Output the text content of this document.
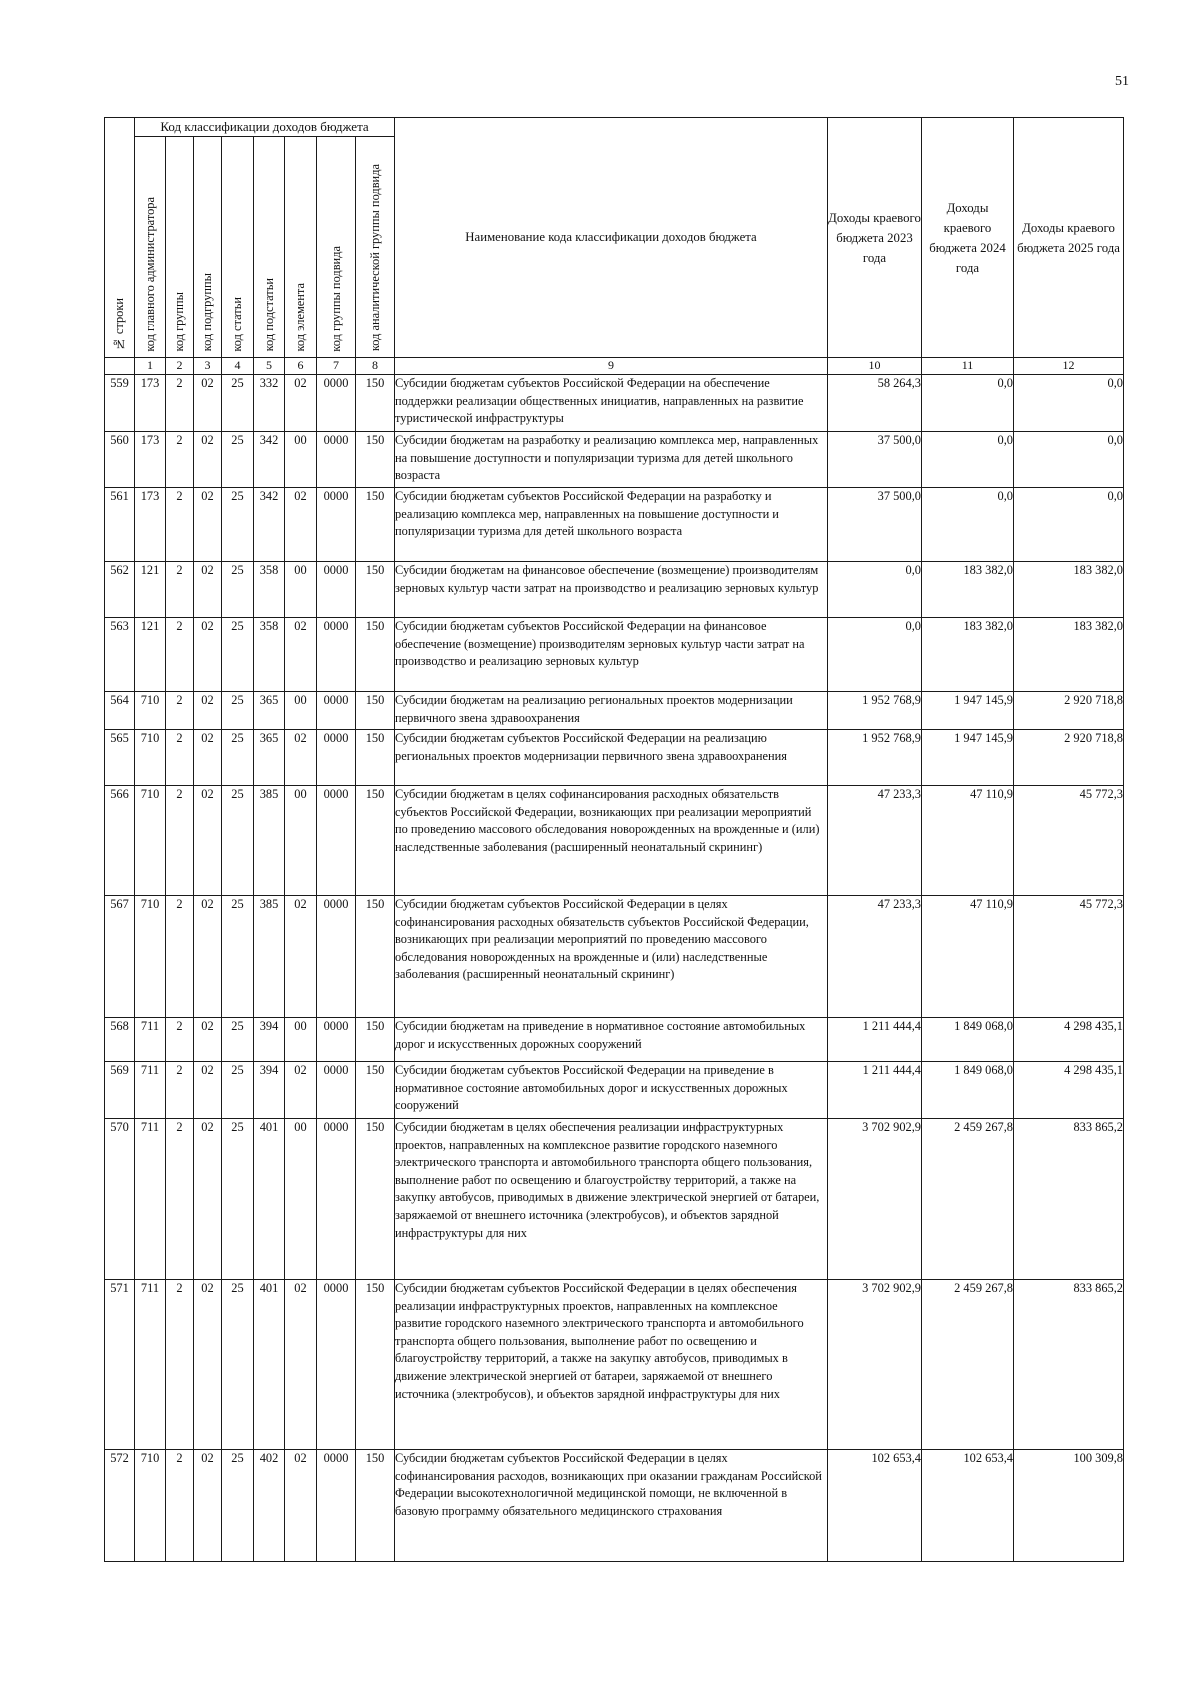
51
№ строки	Код классификации доходов бюджета								Наименование кода классификации доходов бюджета	Доходы краевого бюджета 2023 года	Доходы краевого бюджета 2024 года	Доходы краевого бюджета 2025 года
	код главного администратора	код группы	код подгруппы	код статьи	код подстатьи	код элемента	код группы подвида	код аналитической группы подвида				
	1	2	3	4	5	6	7	8	9	10	11	12
559	173	2	02	25	332	02	0000	150	Субсидии бюджетам субъектов Российской Федерации на обеспечение поддержки реализации общественных инициатив, направленных на развитие туристической инфраструктуры	58 264,3	0,0	0,0
560	173	2	02	25	342	00	0000	150	Субсидии бюджетам на разработку и реализацию комплекса мер, направленных на повышение доступности и популяризации туризма для детей школьного возраста	37 500,0	0,0	0,0
561	173	2	02	25	342	02	0000	150	Субсидии бюджетам субъектов Российской Федерации на разработку и реализацию комплекса мер, направленных на повышение доступности и популяризации туризма для детей школьного возраста	37 500,0	0,0	0,0
562	121	2	02	25	358	00	0000	150	Субсидии бюджетам на финансовое обеспечение (возмещение) производителям зерновых культур части затрат на производство и реализацию зерновых культур	0,0	183 382,0	183 382,0
563	121	2	02	25	358	02	0000	150	Субсидии бюджетам субъектов Российской Федерации на финансовое обеспечение (возмещение) производителям зерновых культур части затрат на производство и реализацию зерновых культур	0,0	183 382,0	183 382,0
564	710	2	02	25	365	00	0000	150	Субсидии бюджетам на реализацию региональных проектов модернизации первичного звена здравоохранения	1 952 768,9	1 947 145,9	2 920 718,8
565	710	2	02	25	365	02	0000	150	Субсидии бюджетам субъектов Российской Федерации на реализацию региональных проектов модернизации первичного звена здравоохранения	1 952 768,9	1 947 145,9	2 920 718,8
566	710	2	02	25	385	00	0000	150	Субсидии бюджетам в целях софинансирования расходных обязательств субъектов Российской Федерации, возникающих при реализации мероприятий по проведению массового обследования новорожденных на врожденные и (или) наследственные заболевания (расширенный неонатальный скрининг)	47 233,3	47 110,9	45 772,3
567	710	2	02	25	385	02	0000	150	Субсидии бюджетам субъектов Российской Федерации в целях софинансирования расходных обязательств субъектов Российской Федерации, возникающих при реализации мероприятий по проведению массового обследования новорожденных на врожденные и (или) наследственные заболевания (расширенный неонатальный скрининг)	47 233,3	47 110,9	45 772,3
568	711	2	02	25	394	00	0000	150	Субсидии бюджетам на приведение в нормативное состояние автомобильных дорог и искусственных дорожных сооружений	1 211 444,4	1 849 068,0	4 298 435,1
569	711	2	02	25	394	02	0000	150	Субсидии бюджетам субъектов Российской Федерации на приведение в нормативное состояние автомобильных дорог и искусственных дорожных сооружений	1 211 444,4	1 849 068,0	4 298 435,1
570	711	2	02	25	401	00	0000	150	Субсидии бюджетам в целях обеспечения реализации инфраструктурных проектов, направленных на комплексное развитие городского наземного электрического транспорта и автомобильного транспорта общего пользования, выполнение работ по освещению и благоустройству территорий, а также на закупку автобусов, приводимых в движение электрической энергией от батареи, заряжаемой от внешнего источника (электробусов), и объектов зарядной инфраструктуры для них	3 702 902,9	2 459 267,8	833 865,2
571	711	2	02	25	401	02	0000	150	Субсидии бюджетам субъектов Российской Федерации в целях обеспечения реализации инфраструктурных проектов, направленных на комплексное развитие городского наземного электрического транспорта и автомобильного транспорта общего пользования, выполнение работ по освещению и благоустройству территорий, а также на закупку автобусов, приводимых в движение электрической энергией от батареи, заряжаемой от внешнего источника (электробусов), и объектов зарядной инфраструктуры для них	3 702 902,9	2 459 267,8	833 865,2
572	710	2	02	25	402	02	0000	150	Субсидии бюджетам субъектов Российской Федерации в целях софинансирования расходов, возникающих при оказании гражданам Российской Федерации высокотехнологичной медицинской помощи, не включенной в базовую программу обязательного медицинского страхования	102 653,4	102 653,4	100 309,8
